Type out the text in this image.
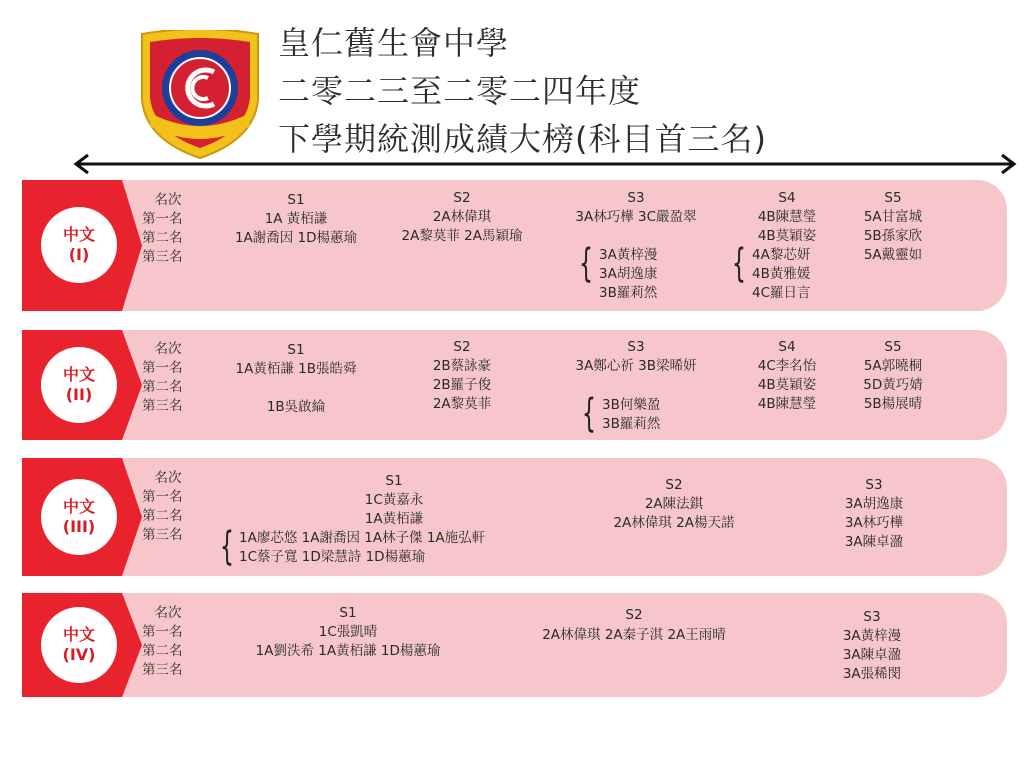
皇仁舊生會中學
二零二三至二零二四年度
下學期統測成績大榜(科目首三名)
中文
(I)
名次
第一名
第二名
第三名
S1
1A 黃栢謙
1A謝喬因 1D楊蕙瑜
S2
2A林偉琪
2A黎莫菲 2A馬穎瑜
S3
3A林巧樺 3C嚴盈翠
{ 3A黃梓漫
3A胡逸康
3B羅莉然
S4
4B陳慧瑩
4B莫穎姿
{ 4A黎芯妍
4B黃雅媛
4C羅日言
S5
5A甘富城
5B孫家欣
5A戴靈如
中文
(II)
名次
第一名
第二名
第三名
S1
1A黃栢謙 1B張皓舜
1B吳啟綸
S2
2B蔡詠豪
2B羅子俊
2A黎莫菲
S3
3A鄭心祈 3B梁晞妍
{ 3B何樂盈
3B羅莉然
S4
4C李名怡
4B莫穎姿
4B陳慧瑩
S5
5A郭曉桐
5D黃巧婧
5B楊展晴
中文
(III)
名次
第一名
第二名
第三名
S1
1C黃嘉永
1A黃栢謙
{ 1A廖芯悠 1A謝喬因 1A林子傑 1A施弘軒
1C蔡子寬 1D梁慧詩 1D楊蕙瑜
S2
2A陳法錤
2A林偉琪 2A楊天諾
S3
3A胡逸康
3A林巧樺
3A陳卓溋
中文
(IV)
名次
第一名
第二名
第三名
S1
1C張凱晴
1A劉泆希 1A黃栢謙 1D楊蕙瑜
S2
2A林偉琪 2A秦子淇 2A王雨晴
S3
3A黃梓漫
3A陳卓溋
3A張稀閔
